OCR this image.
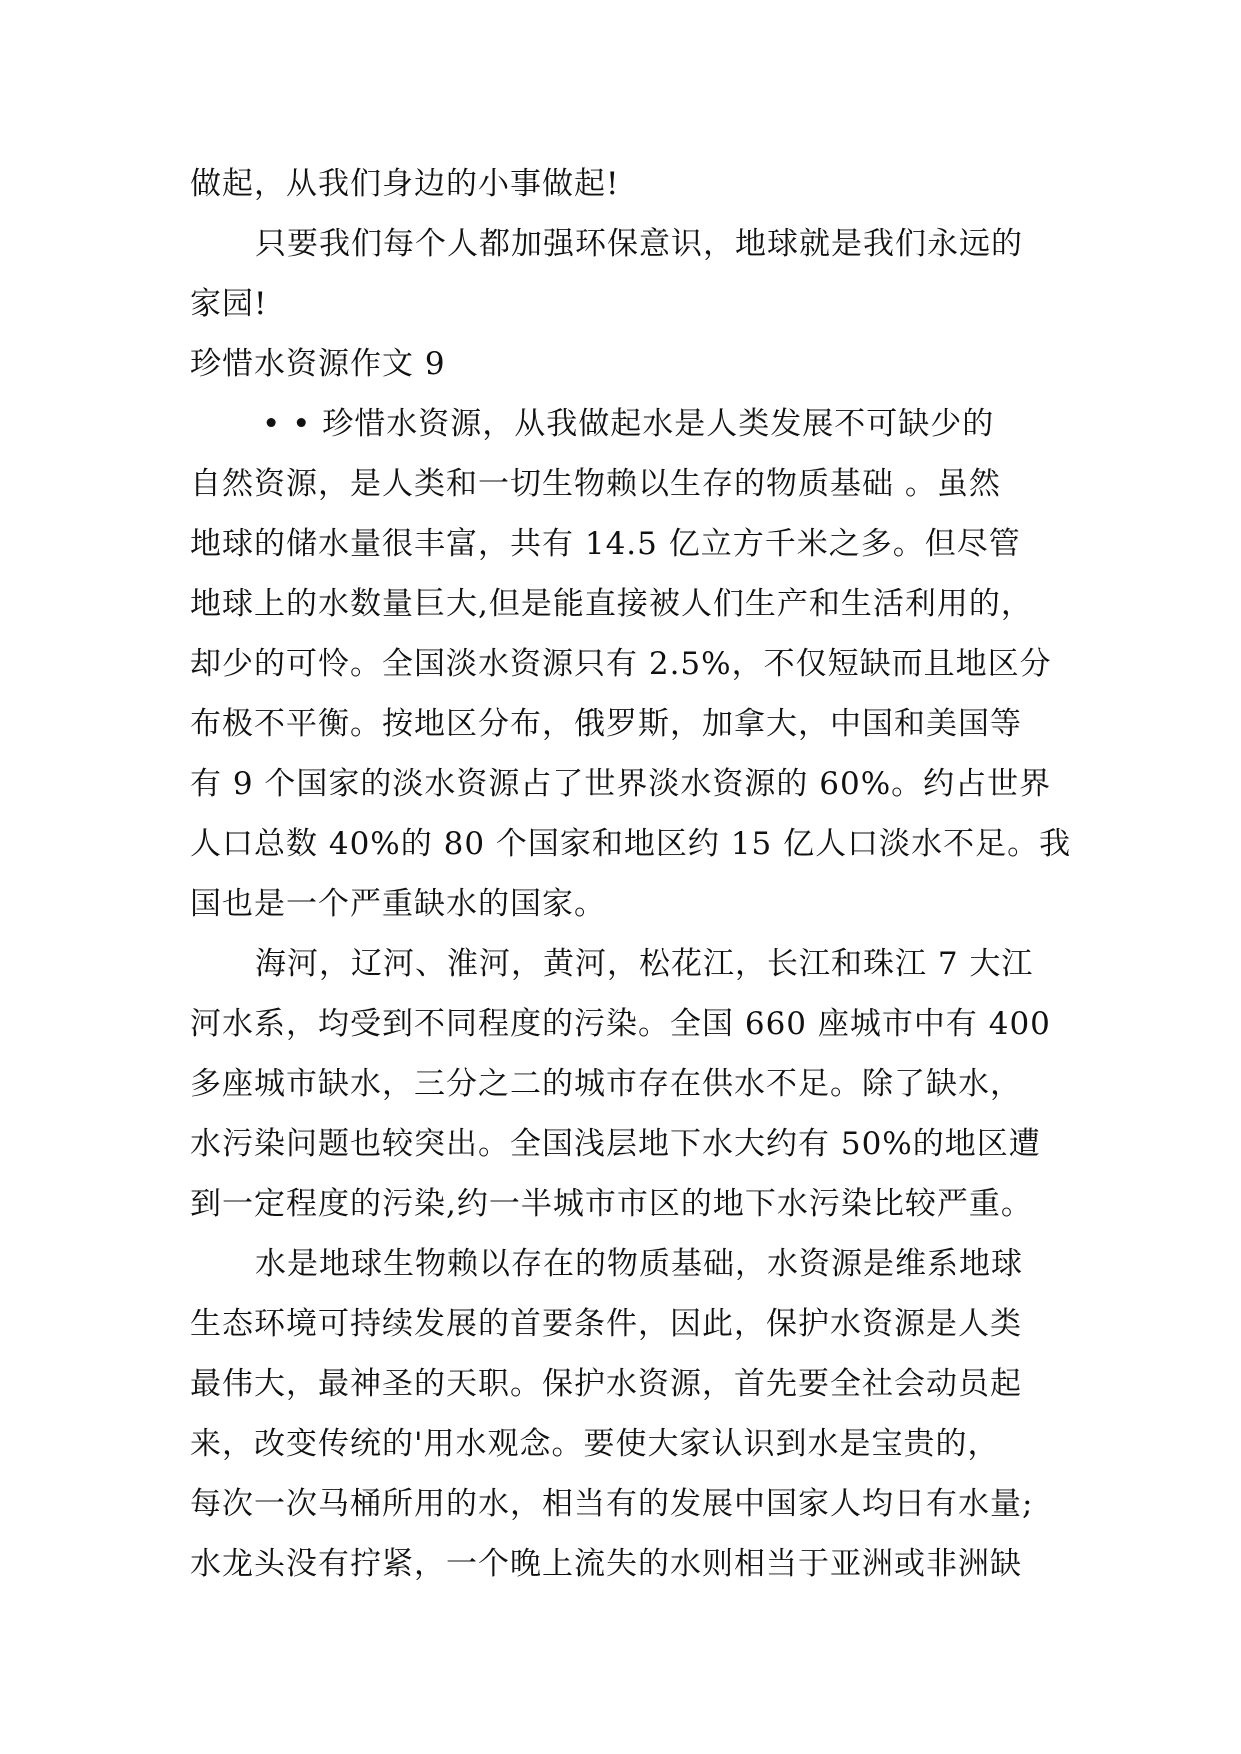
做起，从我们身边的小事做起!
只要我们每个人都加强环保意识，地球就是我们永远的
家园!
珍惜水资源作文 9
• • 珍惜水资源，从我做起水是人类发展不可缺少的
自然资源，是人类和一切生物赖以生存的物质基础 。虽然
地球的储水量很丰富，共有 14.5 亿立方千米之多。但尽管
地球上的水数量巨大,但是能直接被人们生产和生活利用的，
却少的可怜。全国淡水资源只有 2.5%，不仅短缺而且地区分
布极不平衡。按地区分布，俄罗斯，加拿大，中国和美国等
有 9 个国家的淡水资源占了世界淡水资源的 60%。约占世界
人口总数 40%的 80 个国家和地区约 15 亿人口淡水不足。我
国也是一个严重缺水的国家。
海河，辽河、淮河，黄河，松花江，长江和珠江 7 大江
河水系，均受到不同程度的污染。全国 660 座城市中有 400
多座城市缺水，三分之二的城市存在供水不足。除了缺水，
水污染问题也较突出。全国浅层地下水大约有 50%的地区遭
到一定程度的污染,约一半城市市区的地下水污染比较严重。
水是地球生物赖以存在的物质基础，水资源是维系地球
生态环境可持续发展的首要条件，因此，保护水资源是人类
最伟大，最神圣的天职。保护水资源，首先要全社会动员起
来，改变传统的'用水观念。要使大家认识到水是宝贵的，
每次一次马桶所用的水，相当有的发展中国家人均日有水量;
水龙头没有拧紧，一个晚上流失的水则相当于亚洲或非洲缺
